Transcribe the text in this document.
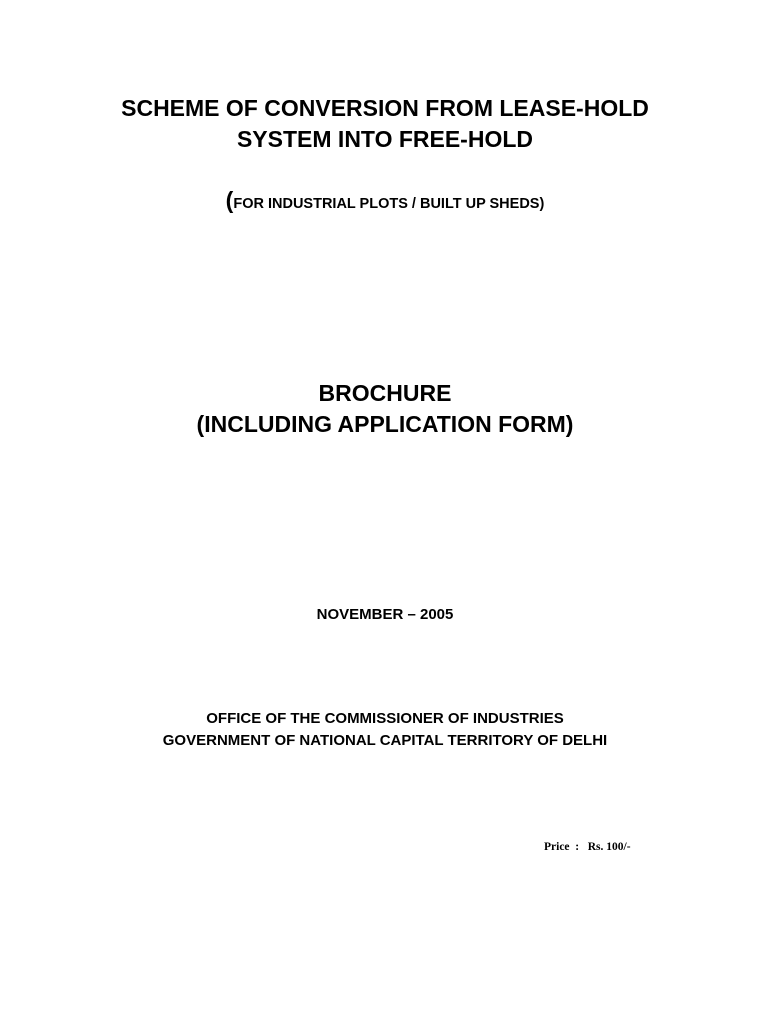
SCHEME OF CONVERSION FROM LEASE-HOLD
SYSTEM INTO FREE-HOLD
(FOR INDUSTRIAL PLOTS / BUILT UP SHEDS)
BROCHURE
(INCLUDING APPLICATION FORM)
NOVEMBER – 2005
OFFICE OF THE COMMISSIONER OF INDUSTRIES
GOVERNMENT OF NATIONAL CAPITAL TERRITORY OF DELHI
Price  : Rs. 100/-
